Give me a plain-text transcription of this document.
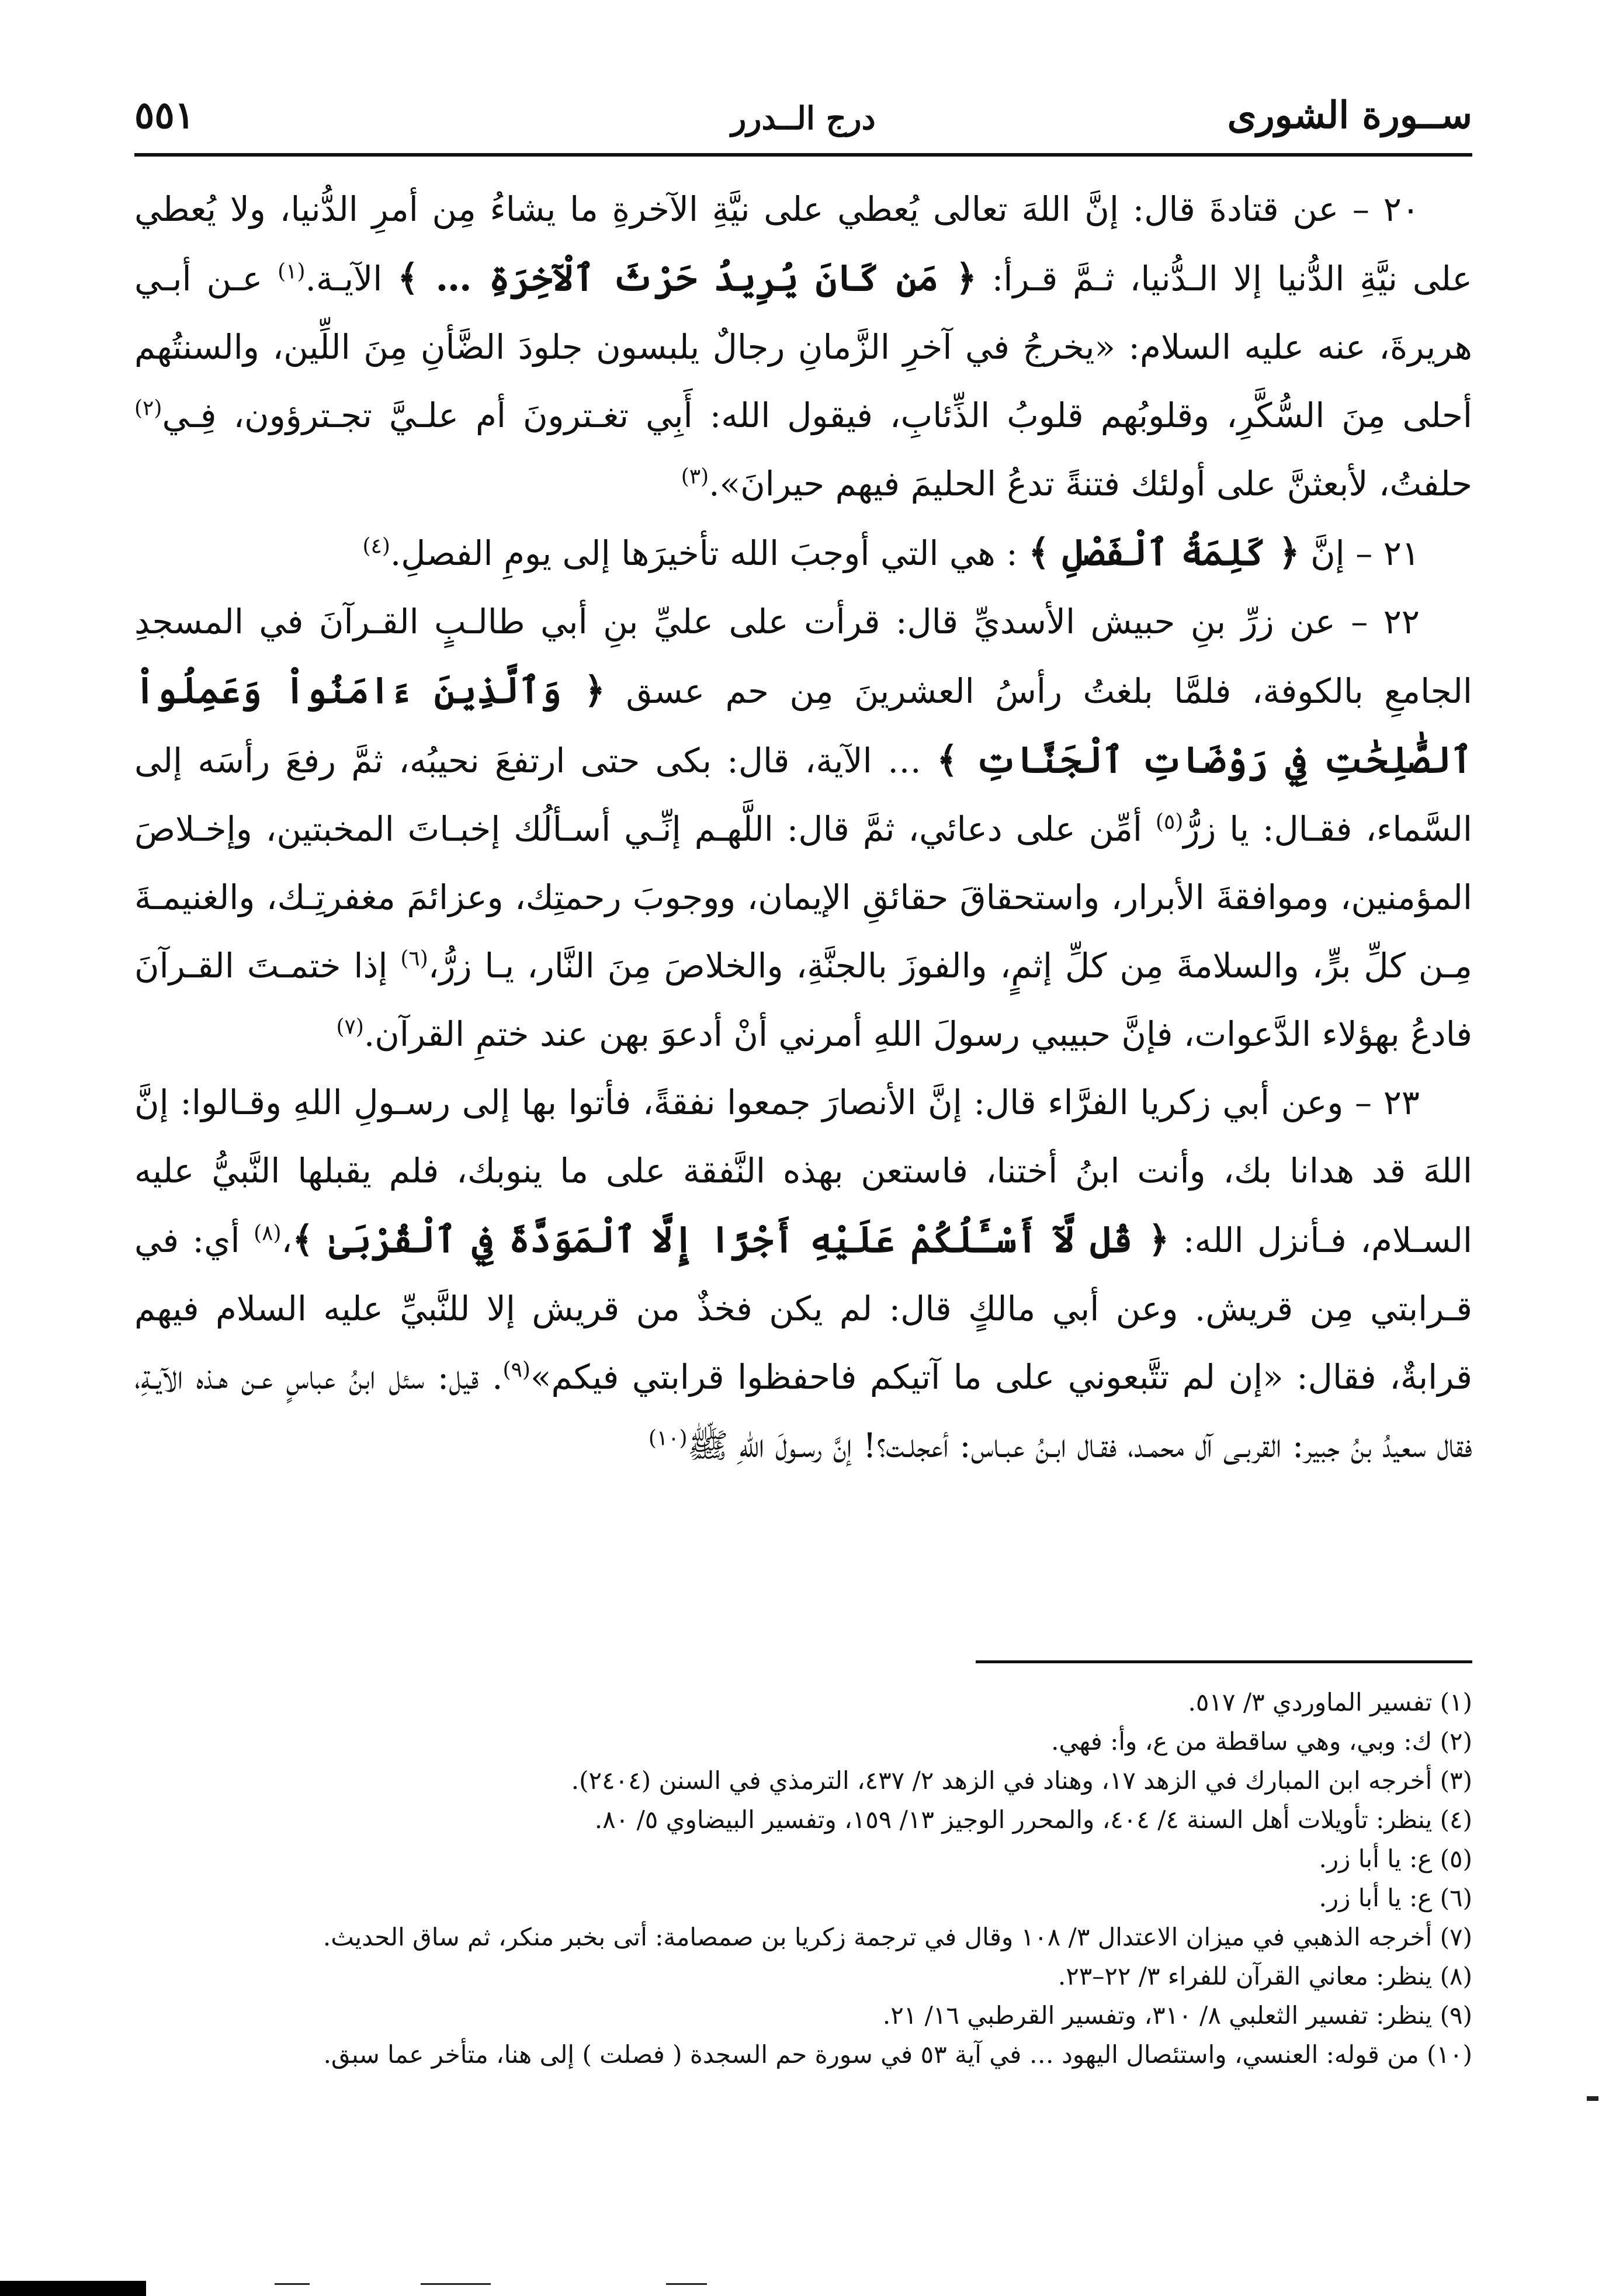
٥٥١	درج الــدرر	ســورة الشورى

٢٠ – عن قتادةَ قال: إنَّ اللهَ تعالى يُعطي على نيَّةِ الآخرةِ ما يشاءُ مِن أمرِ الدُّنيا، ولا يُعطي على نيَّةِ الدُّنيا إلا الـدُّنيا، ثـمَّ قـرأ: ﴿ مَن كَانَ يُرِيدُ حَرْثَ ٱلْآخِرَةِ … ﴾ الآيـة.$^{(١)}$ عـن أبـي هريرةَ، عنه عليه السلام: «يخرجُ في آخرِ الزَّمانِ رجالٌ يلبسون جلودَ الضَّأنِ مِنَ اللِّين، والسنتُهم أحلى مِنَ السُّكَّرِ، وقلوبُهم قلوبُ الذِّئابِ، فيقول الله: أَبِي تغـترونَ أم علـيَّ تجـترؤون، فِـي$^{(٢)}$ حلفتُ، لأبعثنَّ على أولئك فتنةً تدعُ الحليمَ فيهم حيرانَ».$^{(٣)}$

٢١ – إنَّ ﴿ كَلِمَةُ ٱلْفَصْلِ ﴾ : هي التي أوجبَ الله تأخيرَها إلى يومِ الفصلِ.$^{(٤)}$

٢٢ – عن زرِّ بنِ حبيش الأسديِّ قال: قرأت على عليِّ بنِ أبي طالـبٍ القـرآنَ في المسجدِ الجامعِ بالكوفة، فلمَّا بلغتُ رأسُ العشرينَ مِن حم عسق ﴿ وَٱلَّذِينَ ءَامَنُواْ وَعَمِلُواْ ٱلصَّٰلِحَٰتِ فِي رَوْضَاتِ ٱلْجَنَّاتِ ﴾ … الآية، قال: بكى حتى ارتفعَ نحيبُه، ثمَّ رفعَ رأسَه إلى السَّماء، فقـال: يا زرُّ$^{(٥)}$ أمِّن على دعائي، ثمَّ قال: اللَّهـم إنِّـي أسـألُك إخبـاتَ المخبتين، وإخـلاصَ المؤمنين، وموافقةَ الأبرار، واستحقاقَ حقائقِ الإيمان، ووجوبَ رحمتِك، وعزائمَ مغفرتِـك، والغنيمـةَ مِـن كلِّ برٍّ، والسلامةَ مِن كلِّ إثمٍ، والفوزَ بالجنَّةِ، والخلاصَ مِنَ النَّار، يـا زرُّ،$^{(٦)}$ إذا ختمـتَ القـرآنَ فادعُ بهؤلاء الدَّعوات، فإنَّ حبيبي رسولَ اللهِ أمرني أنْ أدعوَ بهن عند ختمِ القرآن.$^{(٧)}$

٢٣ – وعن أبي زكريا الفرَّاء قال: إنَّ الأنصارَ جمعوا نفقةً، فأتوا بها إلى رسـولِ اللهِ وقـالوا: إنَّ اللهَ قد هدانا بك، وأنت ابنُ أختنا، فاستعن بهذه النَّفقة على ما ينوبك، فلم يقبلها النَّبيُّ عليه السـلام، فـأنزل الله: ﴿ قُل لَّآ أَسْـَٔلُكُمْ عَلَيْهِ أَجْرًا إِلَّا ٱلْمَوَدَّةَ فِي ٱلْقُرْبَىٰ ﴾،$^{(٨)}$ أي: في قـرابتي مِن قريش. وعن أبي مالكٍ قال: لم يكن فخذٌ من قريش إلا للنَّبيِّ عليه السلام فيهم قرابةٌ، فقال: «إن لم تتَّبعوني على ما آتيكم فاحفظوا قرابتي فيكم»$^{(٩)}$. قيل: سئل ابنُ عباسٍ عـن هـذه الآيـةِ، فقال سعيدُ بنُ جبير: القربـى آل محمـد، فقـال ابـنُ عبـاس: أعجلـت؟! إنَّ رسـولَ اللهِ ﷺ$^{(١٠)}$

(١) تفسير الماوردي ٣/ ٥١٧.

(٢) ك: وبي، وهي ساقطة من ع، وأ: فهي.

(٣) أخرجه ابن المبارك في الزهد ١٧، وهناد في الزهد ٢/ ٤٣٧، الترمذي في السنن (٢٤٠٤).

(٤) ينظر: تأويلات أهل السنة ٤/ ٤٠٤، والمحرر الوجيز ١٣/ ١٥٩، وتفسير البيضاوي ٥/ ٨٠.

(٥) ع: يا أبا زر.

(٦) ع: يا أبا زر.

(٧) أخرجه الذهبي في ميزان الاعتدال ٣/ ١٠٨ وقال في ترجمة زكريا بن صمصامة: أتى بخبر منكر، ثم ساق الحديث.

(٨) ينظر: معاني القرآن للفراء ٣/ ٢٢–٢٣.

(٩) ينظر: تفسير الثعلبي ٨/ ٣١٠، وتفسير القرطبي ١٦/ ٢١.

(١٠) من قوله: العنسي، واستئصال اليهود … في آية ٥٣ في سورة حم السجدة ( فصلت ) إلى هنا، متأخر عما سبق.
